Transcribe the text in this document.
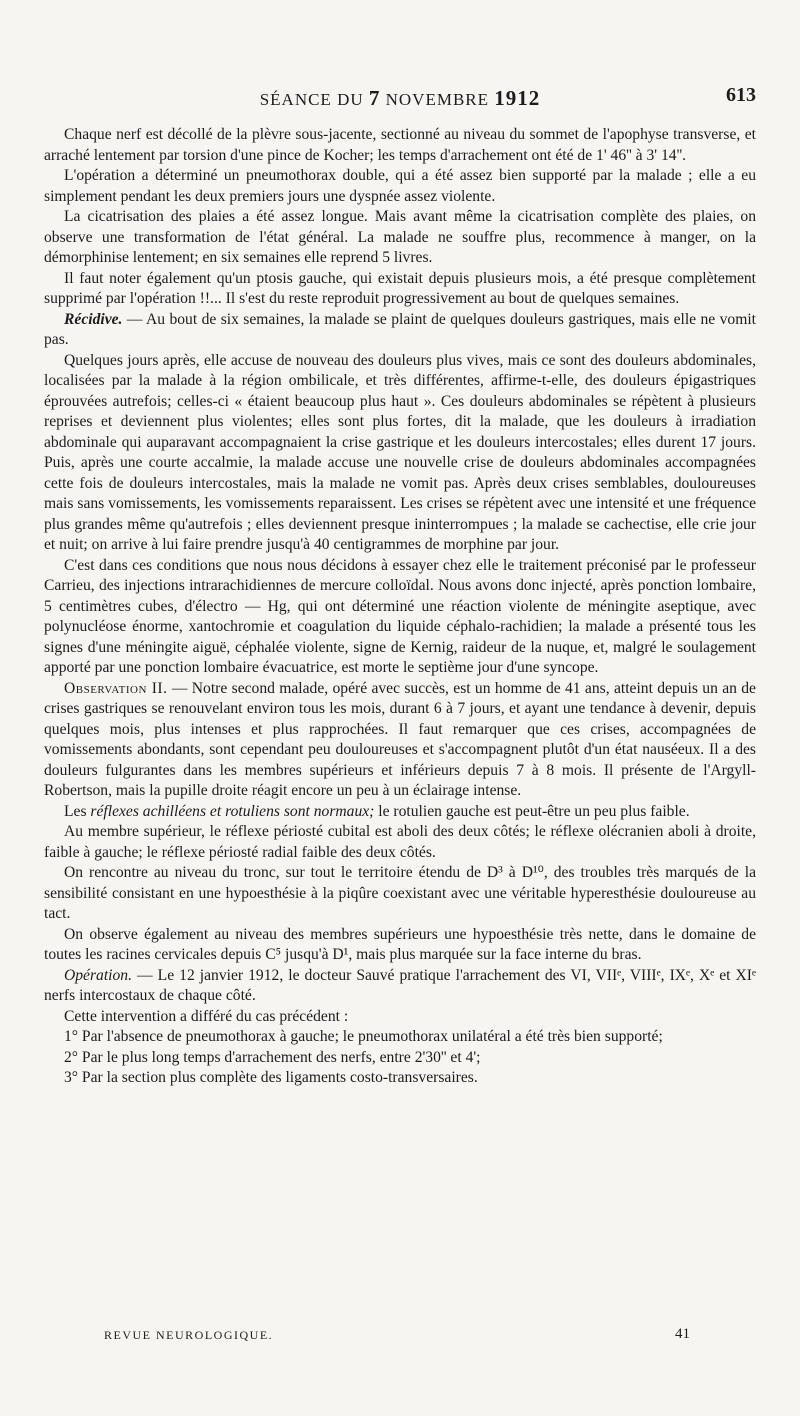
SÉANCE DU 7 NOVEMBRE 1912	613

Chaque nerf est décollé de la plèvre sous-jacente, sectionné au niveau du sommet de l'apophyse transverse, et arraché lentement par torsion d'une pince de Kocher; les temps d'arrachement ont été de 1' 46'' à 3' 14''.

L'opération a déterminé un pneumothorax double, qui a été assez bien supporté par la malade ; elle a eu simplement pendant les deux premiers jours une dyspnée assez violente.

La cicatrisation des plaies a été assez longue. Mais avant même la cicatrisation complète des plaies, on observe une transformation de l'état général. La malade ne souffre plus, recommence à manger, on la démorphinise lentement; en six semaines elle reprend 5 livres.

Il faut noter également qu'un ptosis gauche, qui existait depuis plusieurs mois, a été presque complètement supprimé par l'opération !!... Il s'est du reste reproduit progressivement au bout de quelques semaines.

Récidive. — Au bout de six semaines, la malade se plaint de quelques douleurs gastriques, mais elle ne vomit pas.

Quelques jours après, elle accuse de nouveau des douleurs plus vives, mais ce sont des douleurs abdominales, localisées par la malade à la région ombilicale, et très différentes, affirme-t-elle, des douleurs épigastriques éprouvées autrefois; celles-ci « étaient beaucoup plus haut ». Ces douleurs abdominales se répètent à plusieurs reprises et deviennent plus violentes; elles sont plus fortes, dit la malade, que les douleurs à irradiation abdominale qui auparavant accompagnaient la crise gastrique et les douleurs intercostales; elles durent 17 jours. Puis, après une courte accalmie, la malade accuse une nouvelle crise de douleurs abdominales accompagnées cette fois de douleurs intercostales, mais la malade ne vomit pas. Après deux crises semblables, douloureuses mais sans vomissements, les vomissements reparaissent. Les crises se répètent avec une intensité et une fréquence plus grandes même qu'autrefois ; elles deviennent presque ininterrompues ; la malade se cachectise, elle crie jour et nuit; on arrive à lui faire prendre jusqu'à 40 centigrammes de morphine par jour.

C'est dans ces conditions que nous nous décidons à essayer chez elle le traitement préconisé par le professeur Carrieu, des injections intrarachidiennes de mercure colloïdal. Nous avons donc injecté, après ponction lombaire, 5 centimètres cubes, d'électro — Hg, qui ont déterminé une réaction violente de méningite aseptique, avec polynucléose énorme, xantochromie et coagulation du liquide céphalo-rachidien; la malade a présenté tous les signes d'une méningite aiguë, céphalée violente, signe de Kernig, raideur de la nuque, et, malgré le soulagement apporté par une ponction lombaire évacuatrice, est morte le septième jour d'une syncope.

Observation II. — Notre second malade, opéré avec succès, est un homme de 41 ans, atteint depuis un an de crises gastriques se renouvelant environ tous les mois, durant 6 à 7 jours, et ayant une tendance à devenir, depuis quelques mois, plus intenses et plus rapprochées. Il faut remarquer que ces crises, accompagnées de vomissements abondants, sont cependant peu douloureuses et s'accompagnent plutôt d'un état nauséeux. Il a des douleurs fulgurantes dans les membres supérieurs et inférieurs depuis 7 à 8 mois. Il présente de l'Argyll-Robertson, mais la pupille droite réagit encore un peu à un éclairage intense.

Les réflexes achilléens et rotuliens sont normaux; le rotulien gauche est peut-être un peu plus faible.

Au membre supérieur, le réflexe périosté cubital est aboli des deux côtés; le réflexe olécranien aboli à droite, faible à gauche; le réflexe périosté radial faible des deux côtés.

On rencontre au niveau du tronc, sur tout le territoire étendu de D³ à D¹⁰, des troubles très marqués de la sensibilité consistant en une hypoesthésie à la piqûre coexistant avec une véritable hyperesthésie douloureuse au tact.

On observe également au niveau des membres supérieurs une hypoesthésie très nette, dans le domaine de toutes les racines cervicales depuis C⁵ jusqu'à D¹, mais plus marquée sur la face interne du bras.

Opération. — Le 12 janvier 1912, le docteur Sauvé pratique l'arrachement des VI, VIIᵉ, VIIIᵉ, IXᵉ, Xᵉ et XIᵉ nerfs intercostaux de chaque côté.

Cette intervention a différé du cas précédent :

1° Par l'absence de pneumothorax à gauche; le pneumothorax unilatéral a été très bien supporté;

2° Par le plus long temps d'arrachement des nerfs, entre 2'30'' et 4';

3° Par la section plus complète des ligaments costo-transversaires.

REVUE NEUROLOGIQUE.	41
